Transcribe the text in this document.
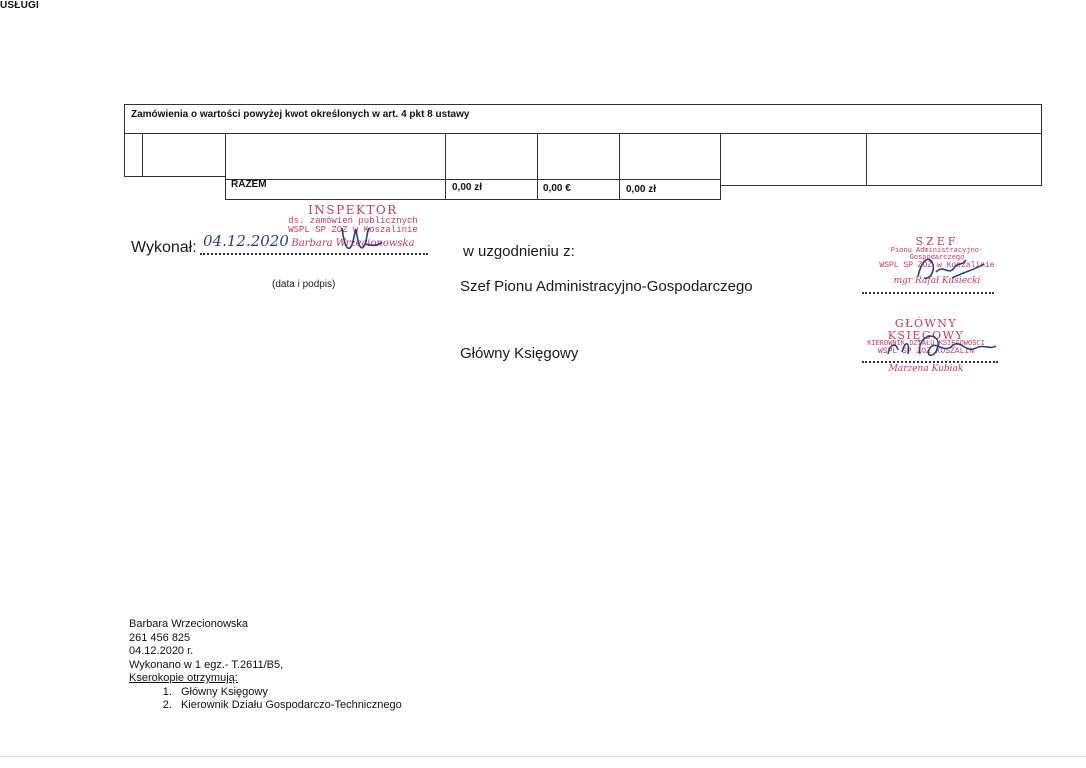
USŁUGI
Zamówienia o wartości powyżej kwot określonych w art. 4 pkt 8 ustawy
RAZEM	0,00 zł	0,00 €	0,00 zł
INSPEKTOR
ds. zamówień publicznych
WSPL SP ZOZ w Koszalinie
Barbara Wrzecionowska
Wykonał: 04.12.2020
(data i podpis)
w uzgodnieniu z:
Szef Pionu Administracyjno-Gospodarczego
Główny Księgowy
SZEF
Pionu Administracyjno-Gospodarczego
WSPL SP ZOZ w Koszalinie
mgr Rafał Kusiecki
GŁÓWNY KSIĘGOWY
KIEROWNIK DZIAŁU KSIĘGOWOŚCI
WSPL SP ZOZ KOSZALIN
Marzena Kubiak
Barbara Wrzecionowska
261 456 825
04.12.2020 r.
Wykonano w 1 egz.- T.2611/B5,
Kserokopie otrzymują:
1. Główny Księgowy
2. Kierownik Działu Gospodarczo-Technicznego
